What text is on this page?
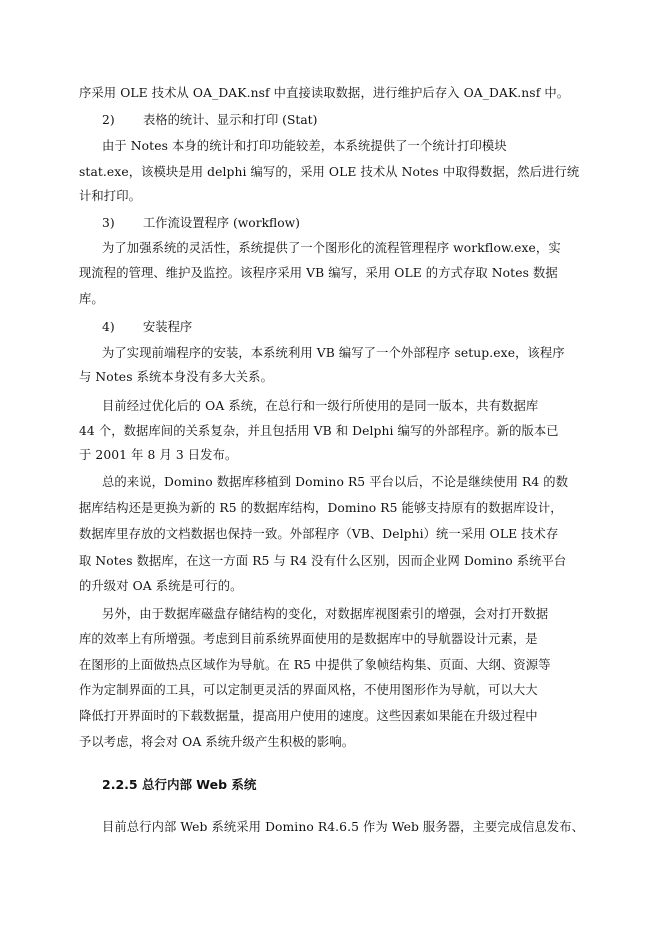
序采用 OLE 技术从 OA_DAK.nsf 中直接读取数据，进行维护后存入 OA_DAK.nsf 中。
2)	表格的统计、显示和打印 (Stat)
由于 Notes 本身的统计和打印功能较差，本系统提供了一个统计打印模块
stat.exe，该模块是用 delphi 编写的，采用 OLE 技术从 Notes 中取得数据，然后进行统
计和打印。
3)	工作流设置程序 (workflow)
为了加强系统的灵活性，系统提供了一个图形化的流程管理程序 workflow.exe，实
现流程的管理、维护及监控。该程序采用 VB 编写，采用 OLE 的方式存取 Notes 数据
库。
4)	安装程序
为了实现前端程序的安装，本系统利用 VB 编写了一个外部程序 setup.exe，该程序
与 Notes 系统本身没有多大关系。
目前经过优化后的 OA 系统，在总行和一级行所使用的是同一版本，共有数据库
44 个，数据库间的关系复杂，并且包括用 VB 和 Delphi 编写的外部程序。新的版本已
于 2001 年 8 月 3 日发布。
总的来说，Domino 数据库移植到 Domino R5 平台以后，不论是继续使用 R4 的数
据库结构还是更换为新的 R5 的数据库结构，Domino R5 能够支持原有的数据库设计，
数据库里存放的文档数据也保持一致。外部程序（VB、Delphi）统一采用 OLE 技术存
取 Notes 数据库，在这一方面 R5 与 R4 没有什么区别，因而企业网 Domino 系统平台
的升级对 OA 系统是可行的。
另外，由于数据库磁盘存储结构的变化，对数据库视图索引的增强，会对打开数据
库的效率上有所增强。考虑到目前系统界面使用的是数据库中的导航器设计元素，是
在图形的上面做热点区域作为导航。在 R5 中提供了象帧结构集、页面、大纲、资源等
作为定制界面的工具，可以定制更灵活的界面风格，不使用图形作为导航，可以大大
降低打开界面时的下载数据量，提高用户使用的速度。这些因素如果能在升级过程中
予以考虑，将会对 OA 系统升级产生积极的影响。
2.2.5 总行内部 Web 系统
目前总行内部 Web 系统采用 Domino R4.6.5 作为 Web 服务器，主要完成信息发布、
